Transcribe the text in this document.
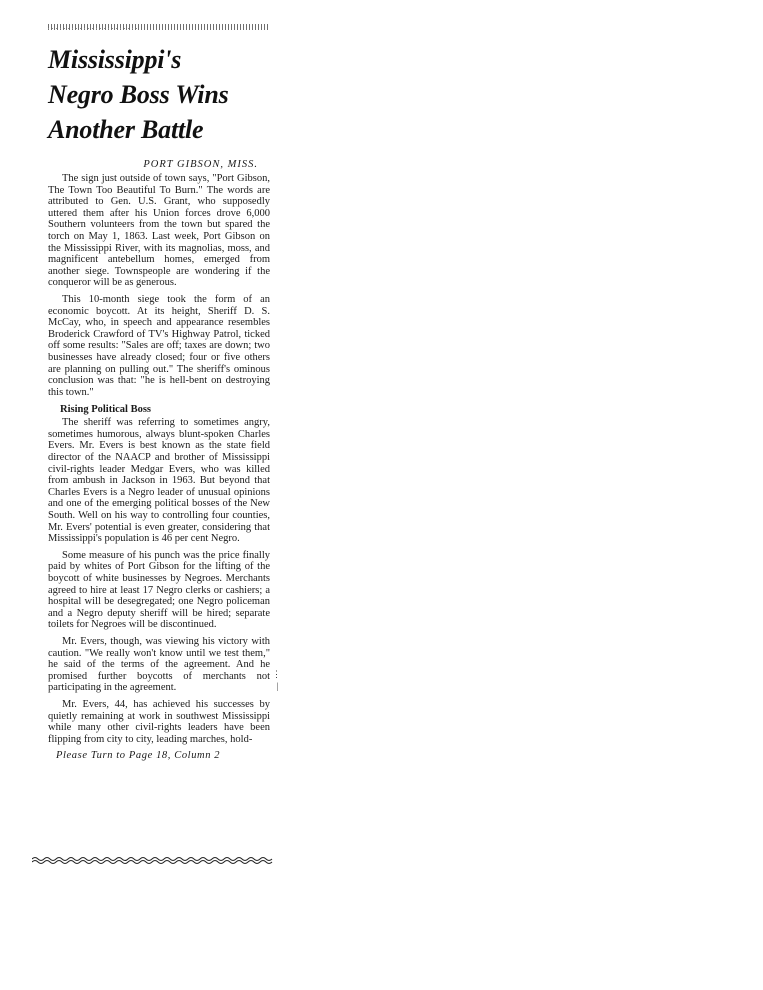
Mississippi's
Negro Boss Wins
Another Battle
PORT GIBSON, MISS.

The sign just outside of town says, "Port Gibson, The Town Too Beautiful To Burn." The words are attributed to Gen. U.S. Grant, who supposedly uttered them after his Union forces drove 6,000 Southern volunteers from the town but spared the torch on May 1, 1863. Last week, Port Gibson on the Mississippi River, with its magnolias, moss, and magnificent antebellum homes, emerged from another siege. Townspeople are wondering if the conqueror will be as generous.

This 10-month siege took the form of an economic boycott. At its height, Sheriff D. S. McCay, who, in speech and appearance resembles Broderick Crawford of TV's Highway Patrol, ticked off some results: "Sales are off; taxes are down; two businesses have already closed; four or five others are planning on pulling out." The sheriff's ominous conclusion was that: "he is hell-bent on destroying this town."

Rising Political Boss

The sheriff was referring to sometimes angry, sometimes humorous, always blunt-spoken Charles Evers. Mr. Evers is best known as the state field director of the NAACP and brother of Mississippi civil-rights leader Medgar Evers, who was killed from ambush in Jackson in 1963. But beyond that Charles Evers is a Negro leader of unusual opinions and one of the emerging political bosses of the New South. Well on his way to controlling four counties, Mr. Evers' potential is even greater, considering that Mississippi's population is 46 per cent Negro.

Some measure of his punch was the price finally paid by whites of Port Gibson for the lifting of the boycott of white businesses by Negroes. Merchants agreed to hire at least 17 Negro clerks or cashiers; a hospital will be desegregated; one Negro policeman and a Negro deputy sheriff will be hired; separate toilets for Negroes will be discontinued.

Mr. Evers, though, was viewing his victory with caution. "We really won't know until we test them," he said of the terms of the agreement. And he promised further boycotts of merchants not participating in the agreement.

Mr. Evers, 44, has achieved his successes by quietly remaining at work in southwest Mississippi while many other civil-rights leaders have been flipping from city to city, leading marches, hold-

Please Turn to Page 18, Column 2
⋮
|
